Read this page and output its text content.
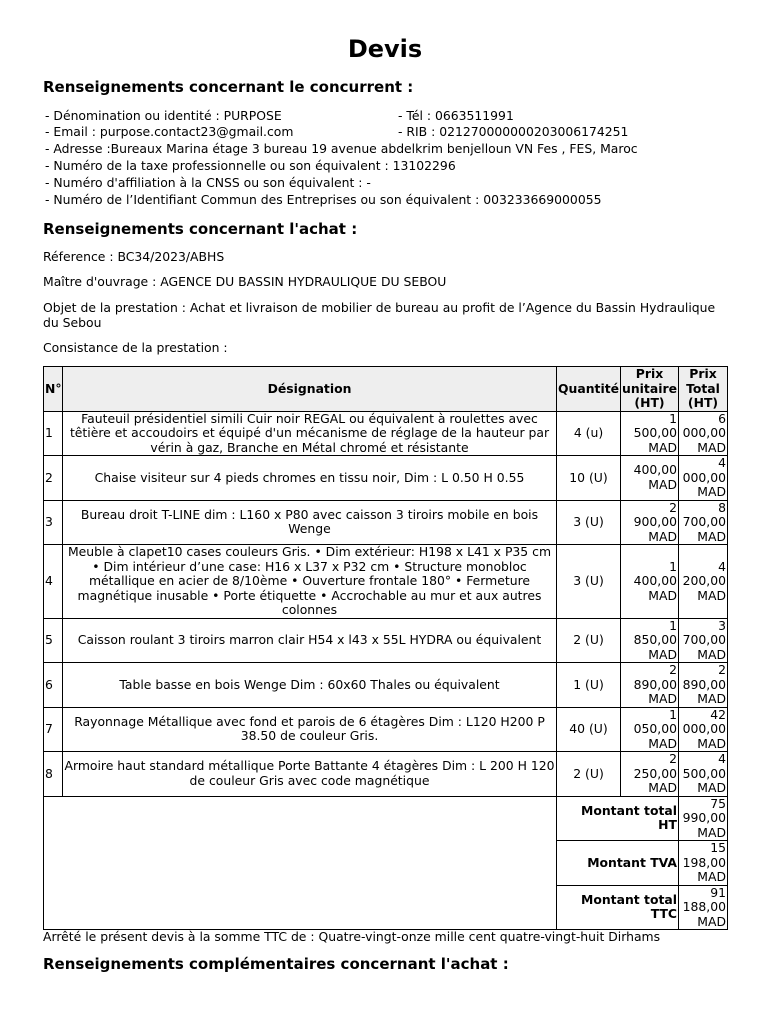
Devis
Renseignements concernant le concurrent :
- Dénomination ou identité : PURPOSE	- Tél : 0663511991
- Email : purpose.contact23@gmail.com	- RIB : 021270000000203006174251
- Adresse :Bureaux Marina étage 3 bureau 19 avenue abdelkrim benjelloun VN Fes , FES, Maroc
- Numéro de la taxe professionnelle ou son équivalent : 13102296
- Numéro d'affiliation à la CNSS ou son équivalent : -
- Numéro de l’Identifiant Commun des Entreprises ou son équivalent : 003233669000055
Renseignements concernant l'achat :
Réference : BC34/2023/ABHS
Maître d'ouvrage : AGENCE DU BASSIN HYDRAULIQUE DU SEBOU
Objet de la prestation : Achat et livraison de mobilier de bureau au profit de l’Agence du Bassin Hydraulique du Sebou
Consistance de la prestation :
N°	Désignation	Quantité	Prix unitaire (HT)	Prix Total (HT)
1	Fauteuil présidentiel simili Cuir noir REGAL ou équivalent à roulettes avec têtière et accoudoirs et équipé d'un mécanisme de réglage de la hauteur par vérin à gaz, Branche en Métal chromé et résistante	4 (u)	1 500,00 MAD	6 000,00 MAD
2	Chaise visiteur sur 4 pieds chromes en tissu noir, Dim : L 0.50 H 0.55	10 (U)	400,00 MAD	4 000,00 MAD
3	Bureau droit T-LINE dim : L160 x P80 avec caisson 3 tiroirs mobile en bois Wenge	3 (U)	2 900,00 MAD	8 700,00 MAD
4	Meuble à clapet10 cases couleurs Gris. • Dim extérieur: H198 x L41 x P35 cm • Dim intérieur d’une case: H16 x L37 x P32 cm • Structure monobloc métallique en acier de 8/10ème • Ouverture frontale 180° • Fermeture magnétique inusable • Porte étiquette • Accrochable au mur et aux autres colonnes	3 (U)	1 400,00 MAD	4 200,00 MAD
5	Caisson roulant 3 tiroirs marron clair H54 x l43 x 55L HYDRA ou équivalent	2 (U)	1 850,00 MAD	3 700,00 MAD
6	Table basse en bois Wenge Dim : 60x60 Thales ou équivalent	1 (U)	2 890,00 MAD	2 890,00 MAD
7	Rayonnage Métallique avec fond et parois de 6 étagères Dim : L120 H200 P 38.50 de couleur Gris.	40 (U)	1 050,00 MAD	42 000,00 MAD
8	Armoire haut standard métallique Porte Battante 4 étagères Dim : L 200 H 120 de couleur Gris avec code magnétique	2 (U)	2 250,00 MAD	4 500,00 MAD
		Montant total HT		75 990,00 MAD
		Montant TVA		15 198,00 MAD
		Montant total TTC		91 188,00 MAD
Arrêté le présent devis à la somme TTC de : Quatre-vingt-onze mille cent quatre-vingt-huit Dirhams
Renseignements complémentaires concernant l'achat :
